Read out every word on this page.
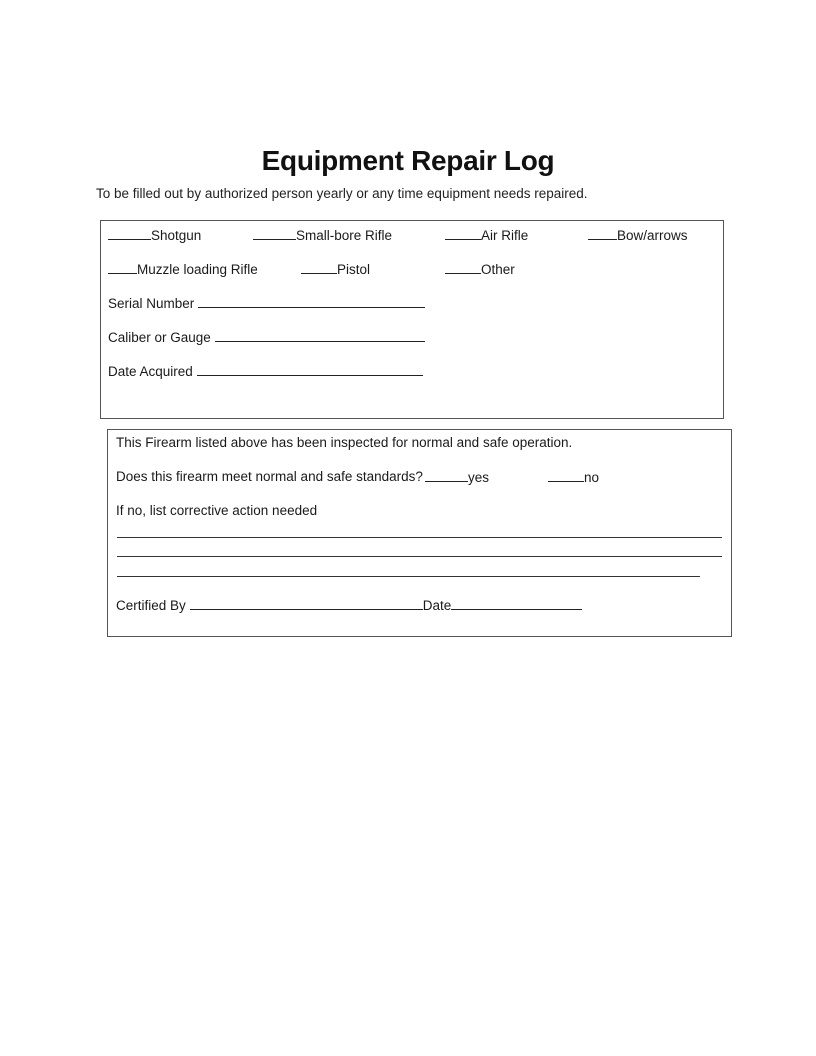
Equipment Repair Log
To be filled out by authorized person yearly or any time equipment needs repaired.
Shotgun	Small-bore Rifle	Air Rifle	Bow/arrows
Muzzle loading Rifle	Pistol	Other
Serial Number
Caliber or Gauge
Date Acquired
This Firearm listed above has been inspected for normal and safe operation.
Does this firearm meet normal and safe standards?	yes	no
If no, list corrective action needed
Certified By	Date
